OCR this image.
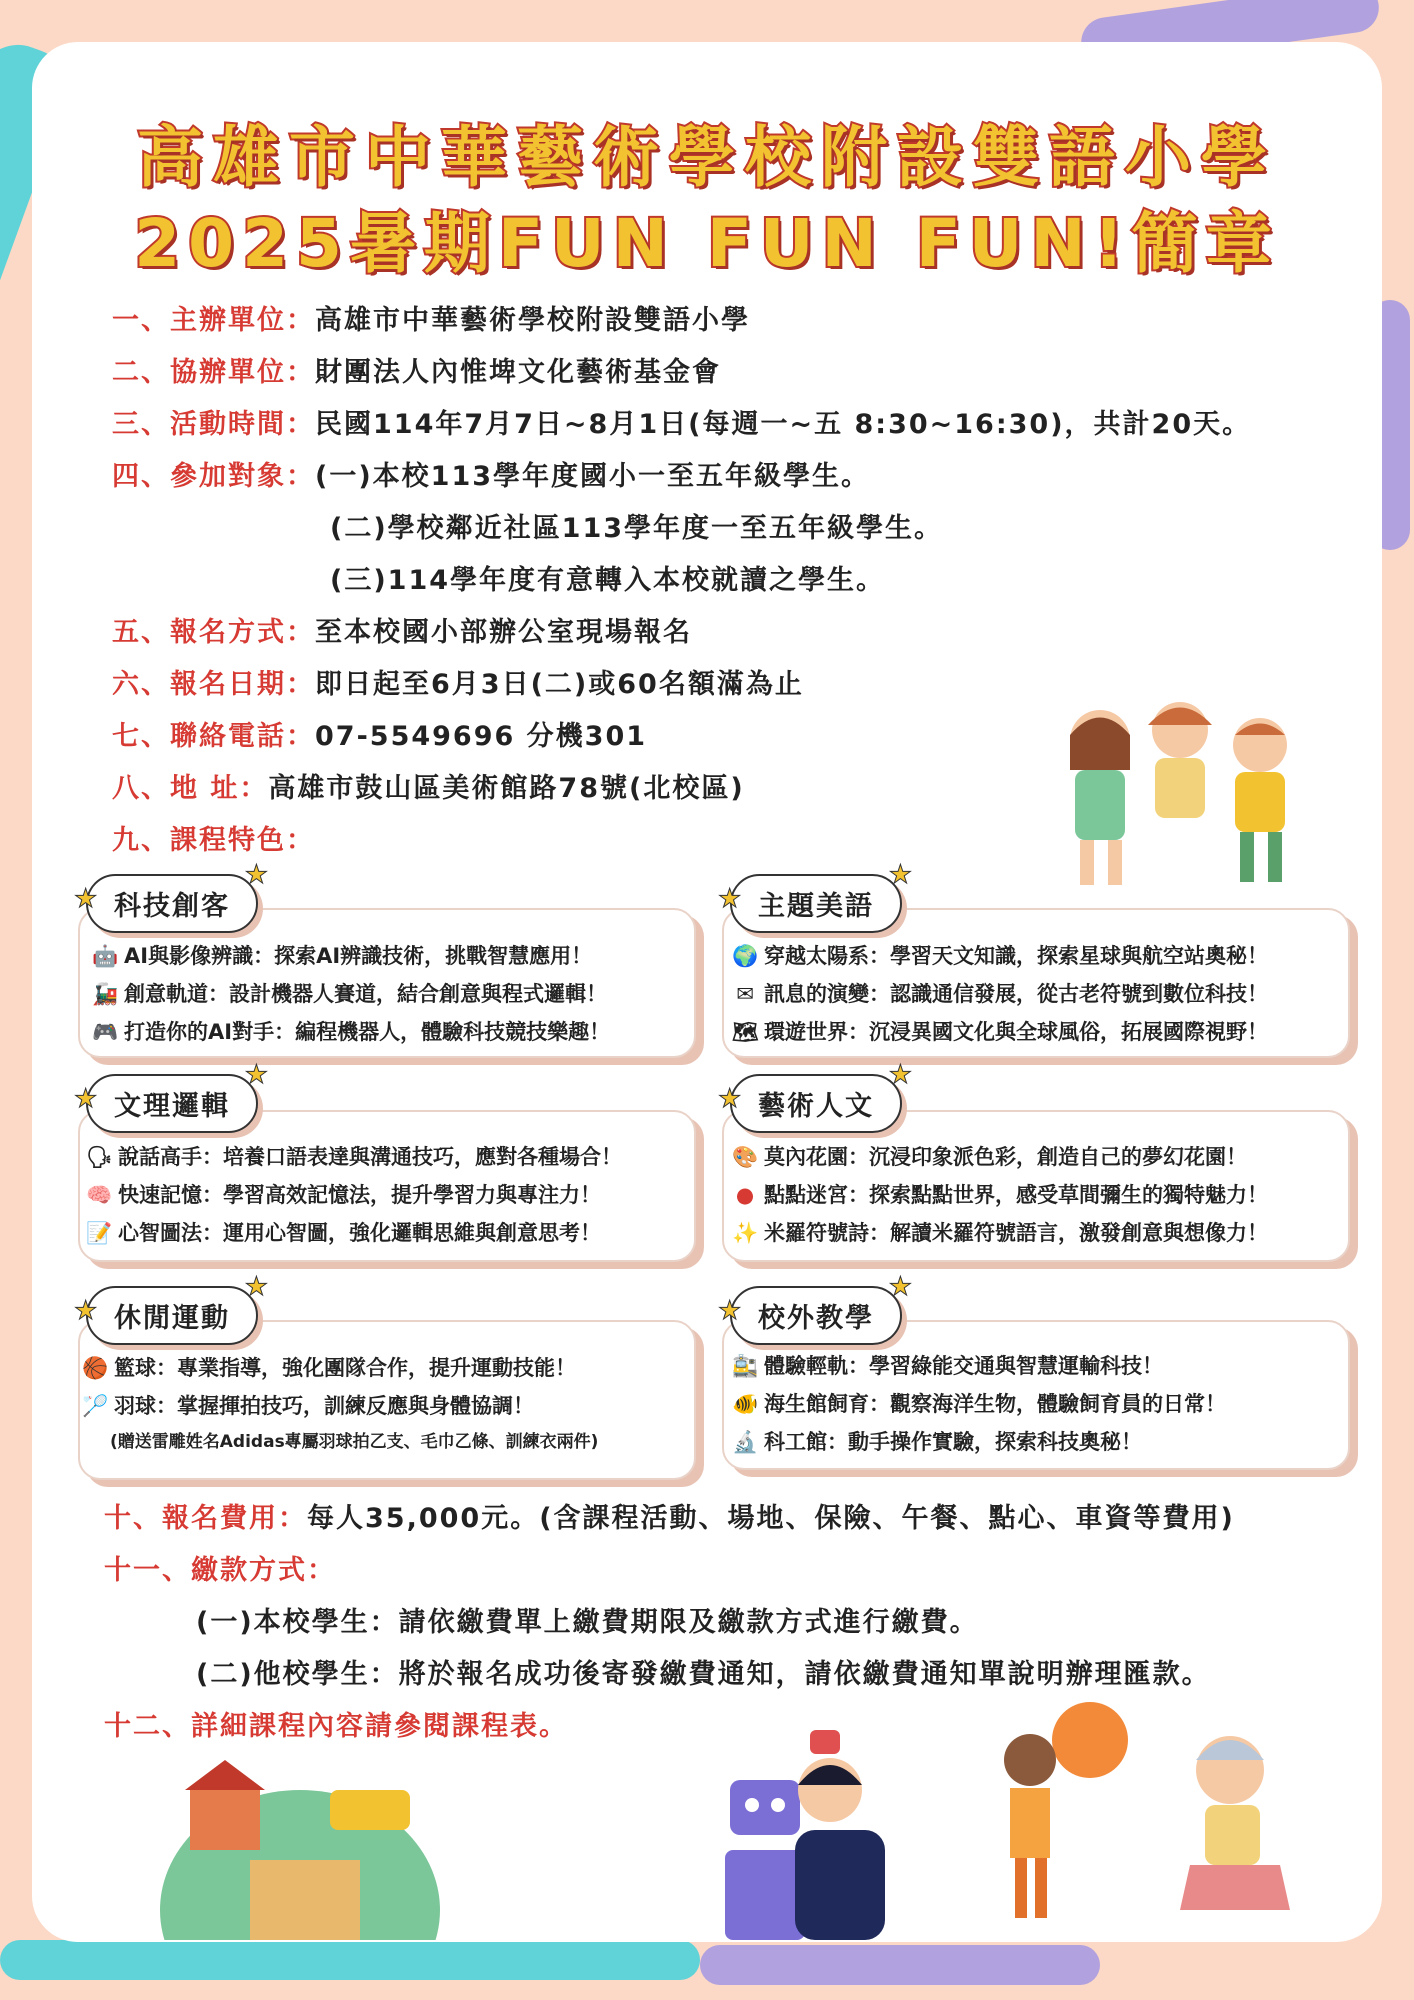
高雄市中華藝術學校附設雙語小學
2025暑期FUN FUN FUN!簡章
一、主辦單位：高雄市中華藝術學校附設雙語小學
二、協辦單位：財團法人內惟埤文化藝術基金會
三、活動時間：民國114年7月7日~8月1日(每週一~五 8:30~16:30)，共計20天。
四、參加對象：(一)本校113學年度國小一至五年級學生。
(二)學校鄰近社區113學年度一至五年級學生。
(三)114學年度有意轉入本校就讀之學生。
五、報名方式：至本校國小部辦公室現場報名
六、報名日期：即日起至6月3日(二)或60名額滿為止
七、聯絡電話：07-5549696 分機301
八、地 址：高雄市鼓山區美術館路78號(北校區)
九、課程特色：
★ 科技創客
★
★ 主題美語
★
★ 文理邏輯
★
★ 藝術人文
★
★ 休閒運動
★
★ 校外教學
★
🤖 AI與影像辨識：探索AI辨識技術，挑戰智慧應用！
🚂 創意軌道：設計機器人賽道，結合創意與程式邏輯！
🎮 打造你的AI對手：編程機器人，體驗科技競技樂趣！
🌍 穿越太陽系：學習天文知識，探索星球與航空站奧秘！
✉ 訊息的演變：認識通信發展，從古老符號到數位科技！
🗺 環遊世界：沉浸異國文化與全球風俗，拓展國際視野！
🗣 說話高手：培養口語表達與溝通技巧，應對各種場合！
🧠 快速記憶：學習高效記憶法，提升學習力與專注力！
📝 心智圖法：運用心智圖，強化邏輯思維與創意思考！
🎨 莫內花園：沉浸印象派色彩，創造自己的夢幻花園！
● 點點迷宮：探索點點世界，感受草間彌生的獨特魅力！
✨ 米羅符號詩：解讀米羅符號語言，激發創意與想像力！
🏀 籃球：專業指導，強化團隊合作，提升運動技能！
🏸 羽球：掌握揮拍技巧，訓練反應與身體協調！
(贈送雷雕姓名Adidas專屬羽球拍乙支、毛巾乙條、訓練衣兩件)
🚉 體驗輕軌：學習綠能交通與智慧運輸科技！
🐠 海生館飼育：觀察海洋生物，體驗飼育員的日常！
🔬 科工館：動手操作實驗，探索科技奧秘！
十、報名費用：每人35,000元。(含課程活動、場地、保險、午餐、點心、車資等費用)
十一、繳款方式：
(一)本校學生：請依繳費單上繳費期限及繳款方式進行繳費。
(二)他校學生：將於報名成功後寄發繳費通知，請依繳費通知單說明辦理匯款。
十二、詳細課程內容請參閱課程表。
